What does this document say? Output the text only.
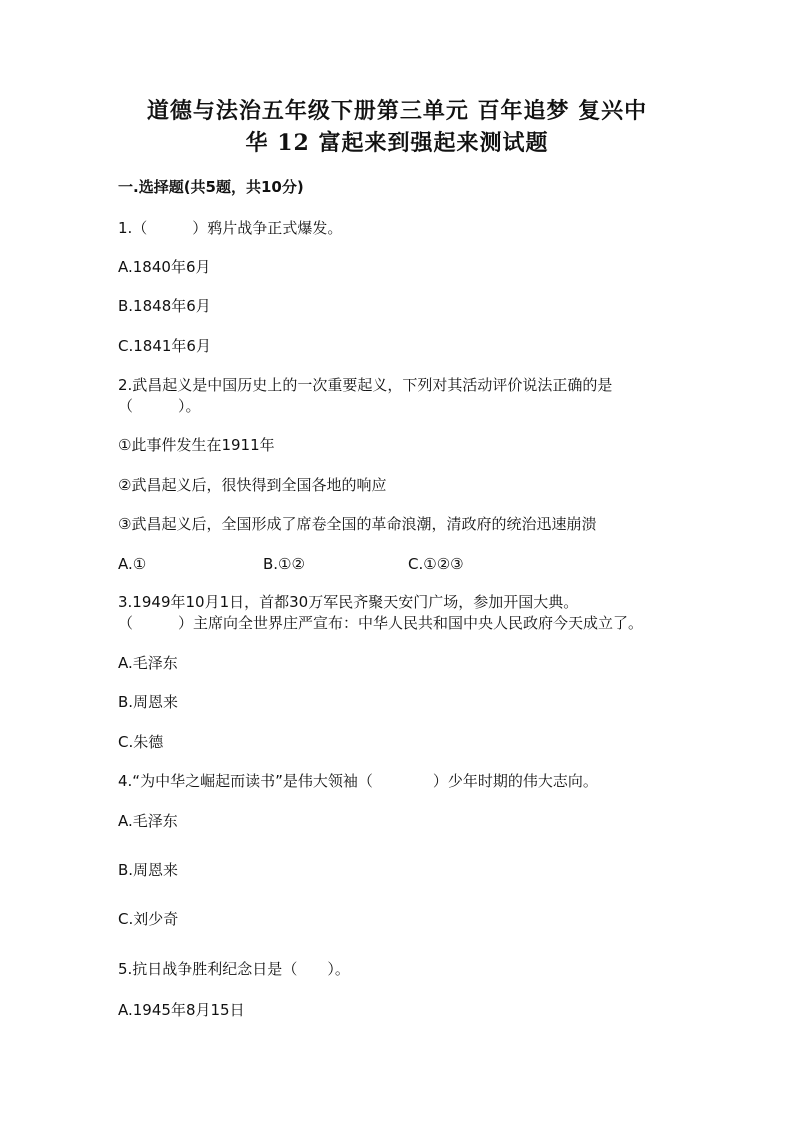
道德与法治五年级下册第三单元 百年追梦 复兴中
华 12 富起来到强起来测试题
一.选择题(共5题，共10分)
1.（　　　）鸦片战争正式爆发。
A.1840年6月
B.1848年6月
C.1841年6月
2.武昌起义是中国历史上的一次重要起义，下列对其活动评价说法正确的是
（　　　）。
①此事件发生在1911年
②武昌起义后，很快得到全国各地的响应
③武昌起义后，全国形成了席卷全国的革命浪潮，清政府的统治迅速崩溃
A.①	B.①②	C.①②③
3.1949年10月1日，首都30万军民齐聚天安门广场，参加开国大典。
（　　　）主席向全世界庄严宣布：中华人民共和国中央人民政府今天成立了。
A.毛泽东
B.周恩来
C.朱德
4.“为中华之崛起而读书”是伟大领袖（　　　　）少年时期的伟大志向。
A.毛泽东
B.周恩来
C.刘少奇
5.抗日战争胜利纪念日是（　　）。
A.1945年8月15日
